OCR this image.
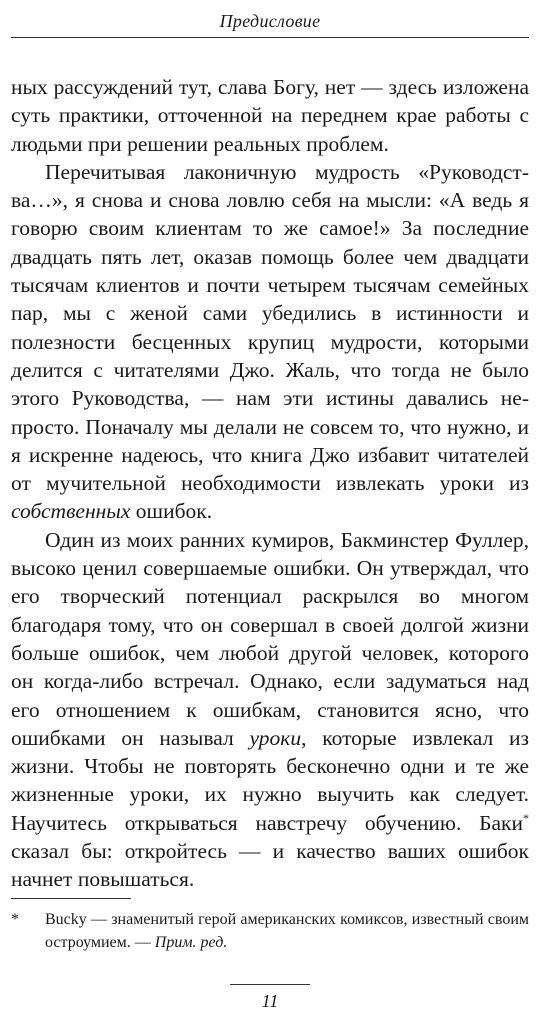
Предисловие

ных рассуждений тут, слава Богу, нет — здесь изложена суть практики, отточенной на переднем крае работы с людьми при решении реальных проблем.

Перечитывая лаконичную мудрость «Руководства…», я снова и снова ловлю себя на мысли: «А ведь я говорю своим клиентам то же самое!» За последние двадцать пять лет, оказав помощь более чем двадцати тысячам клиентов и почти четырем тысячам семейных пар, мы с женой сами убедились в истинности и полезности бесценных крупиц мудрости, которыми делится с читателями Джо. Жаль, что тогда не было этого Руководства, — нам эти истины давались непросто. Поначалу мы делали не совсем то, что нужно, и я искренне надеюсь, что книга Джо избавит читателей от мучительной необходимости извлекать уроки из собственных ошибок.

Один из моих ранних кумиров, Бакминстер Фуллер, высоко ценил совершаемые ошибки. Он утверждал, что его творческий потенциал раскрылся во многом благодаря тому, что он совершал в своей долгой жизни больше ошибок, чем любой другой человек, которого он когда-либо встречал. Однако, если задуматься над его отношением к ошибкам, становится ясно, что ошибками он называл уроки, которые извлекал из жизни. Чтобы не повторять бесконечно одни и те же жизненные уроки, их нужно выучить как следует. Научитесь открываться навстречу обучению. Баки* сказал бы: откройтесь — и качество ваших ошибок начнет повышаться.

* Bucky — знаменитый герой американских комиксов, известный своим остроумием. — Прим. ред.
11
